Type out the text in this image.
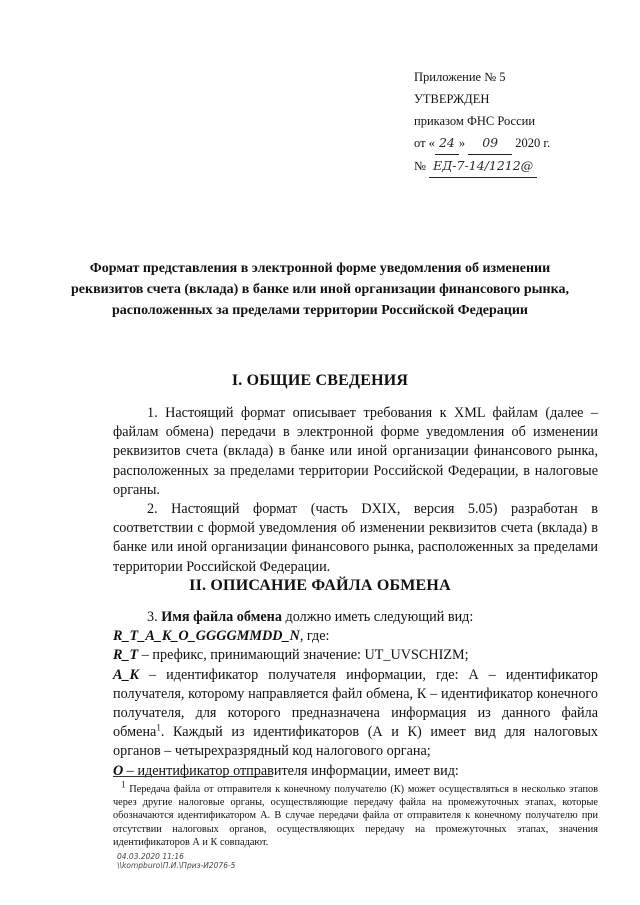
Приложение № 5
УТВЕРЖДЕН
приказом ФНС России
от « 24 » 09 2020 г.
№ ЕД-7-14/1212@
Формат представления в электронной форме уведомления об изменении реквизитов счета (вклада) в банке или иной организации финансового рынка, расположенных за пределами территории Российской Федерации
I. ОБЩИЕ СВЕДЕНИЯ

1. Настоящий формат описывает требования к XML файлам (далее – файлам обмена) передачи в электронной форме уведомления об изменении реквизитов счета (вклада) в банке или иной организации финансового рынка, расположенных за пределами территории Российской Федерации, в налоговые органы.

2. Настоящий формат (часть DXIX, версия 5.05) разработан в соответствии с формой уведомления об изменении реквизитов счета (вклада) в банке или иной организации финансового рынка, расположенных за пределами территории Российской Федерации.

II. ОПИСАНИЕ ФАЙЛА ОБМЕНА

3. Имя файла обмена должно иметь следующий вид:

R_T_A_K_O_GGGGMMDD_N, где:

R_T – префикс, принимающий значение: UT_UVSCHIZM;

A_K – идентификатор получателя информации, где: А – идентификатор получателя, которому направляется файл обмена, К – идентификатор конечного получателя, для которого предназначена информация из данного файла обмена$^1$. Каждый из идентификаторов (А и К) имеет вид для налоговых органов – четырехразрядный код налогового органа;

O – идентификатор отправителя информации, имеет вид:

$^1$ Передача файла от отправителя к конечному получателю (К) может осуществляться в несколько этапов через другие налоговые органы, осуществляющие передачу файла на промежуточных этапах, которые обозначаются идентификатором А. В случае передачи файла от отправителя к конечному получателю при отсутствии налоговых органов, осуществляющих передачу на промежуточных этапах, значения идентификаторов А и К совпадают.

04.03.2020 11:16
\\kompburo\П.И.\Приз-И2076-5
